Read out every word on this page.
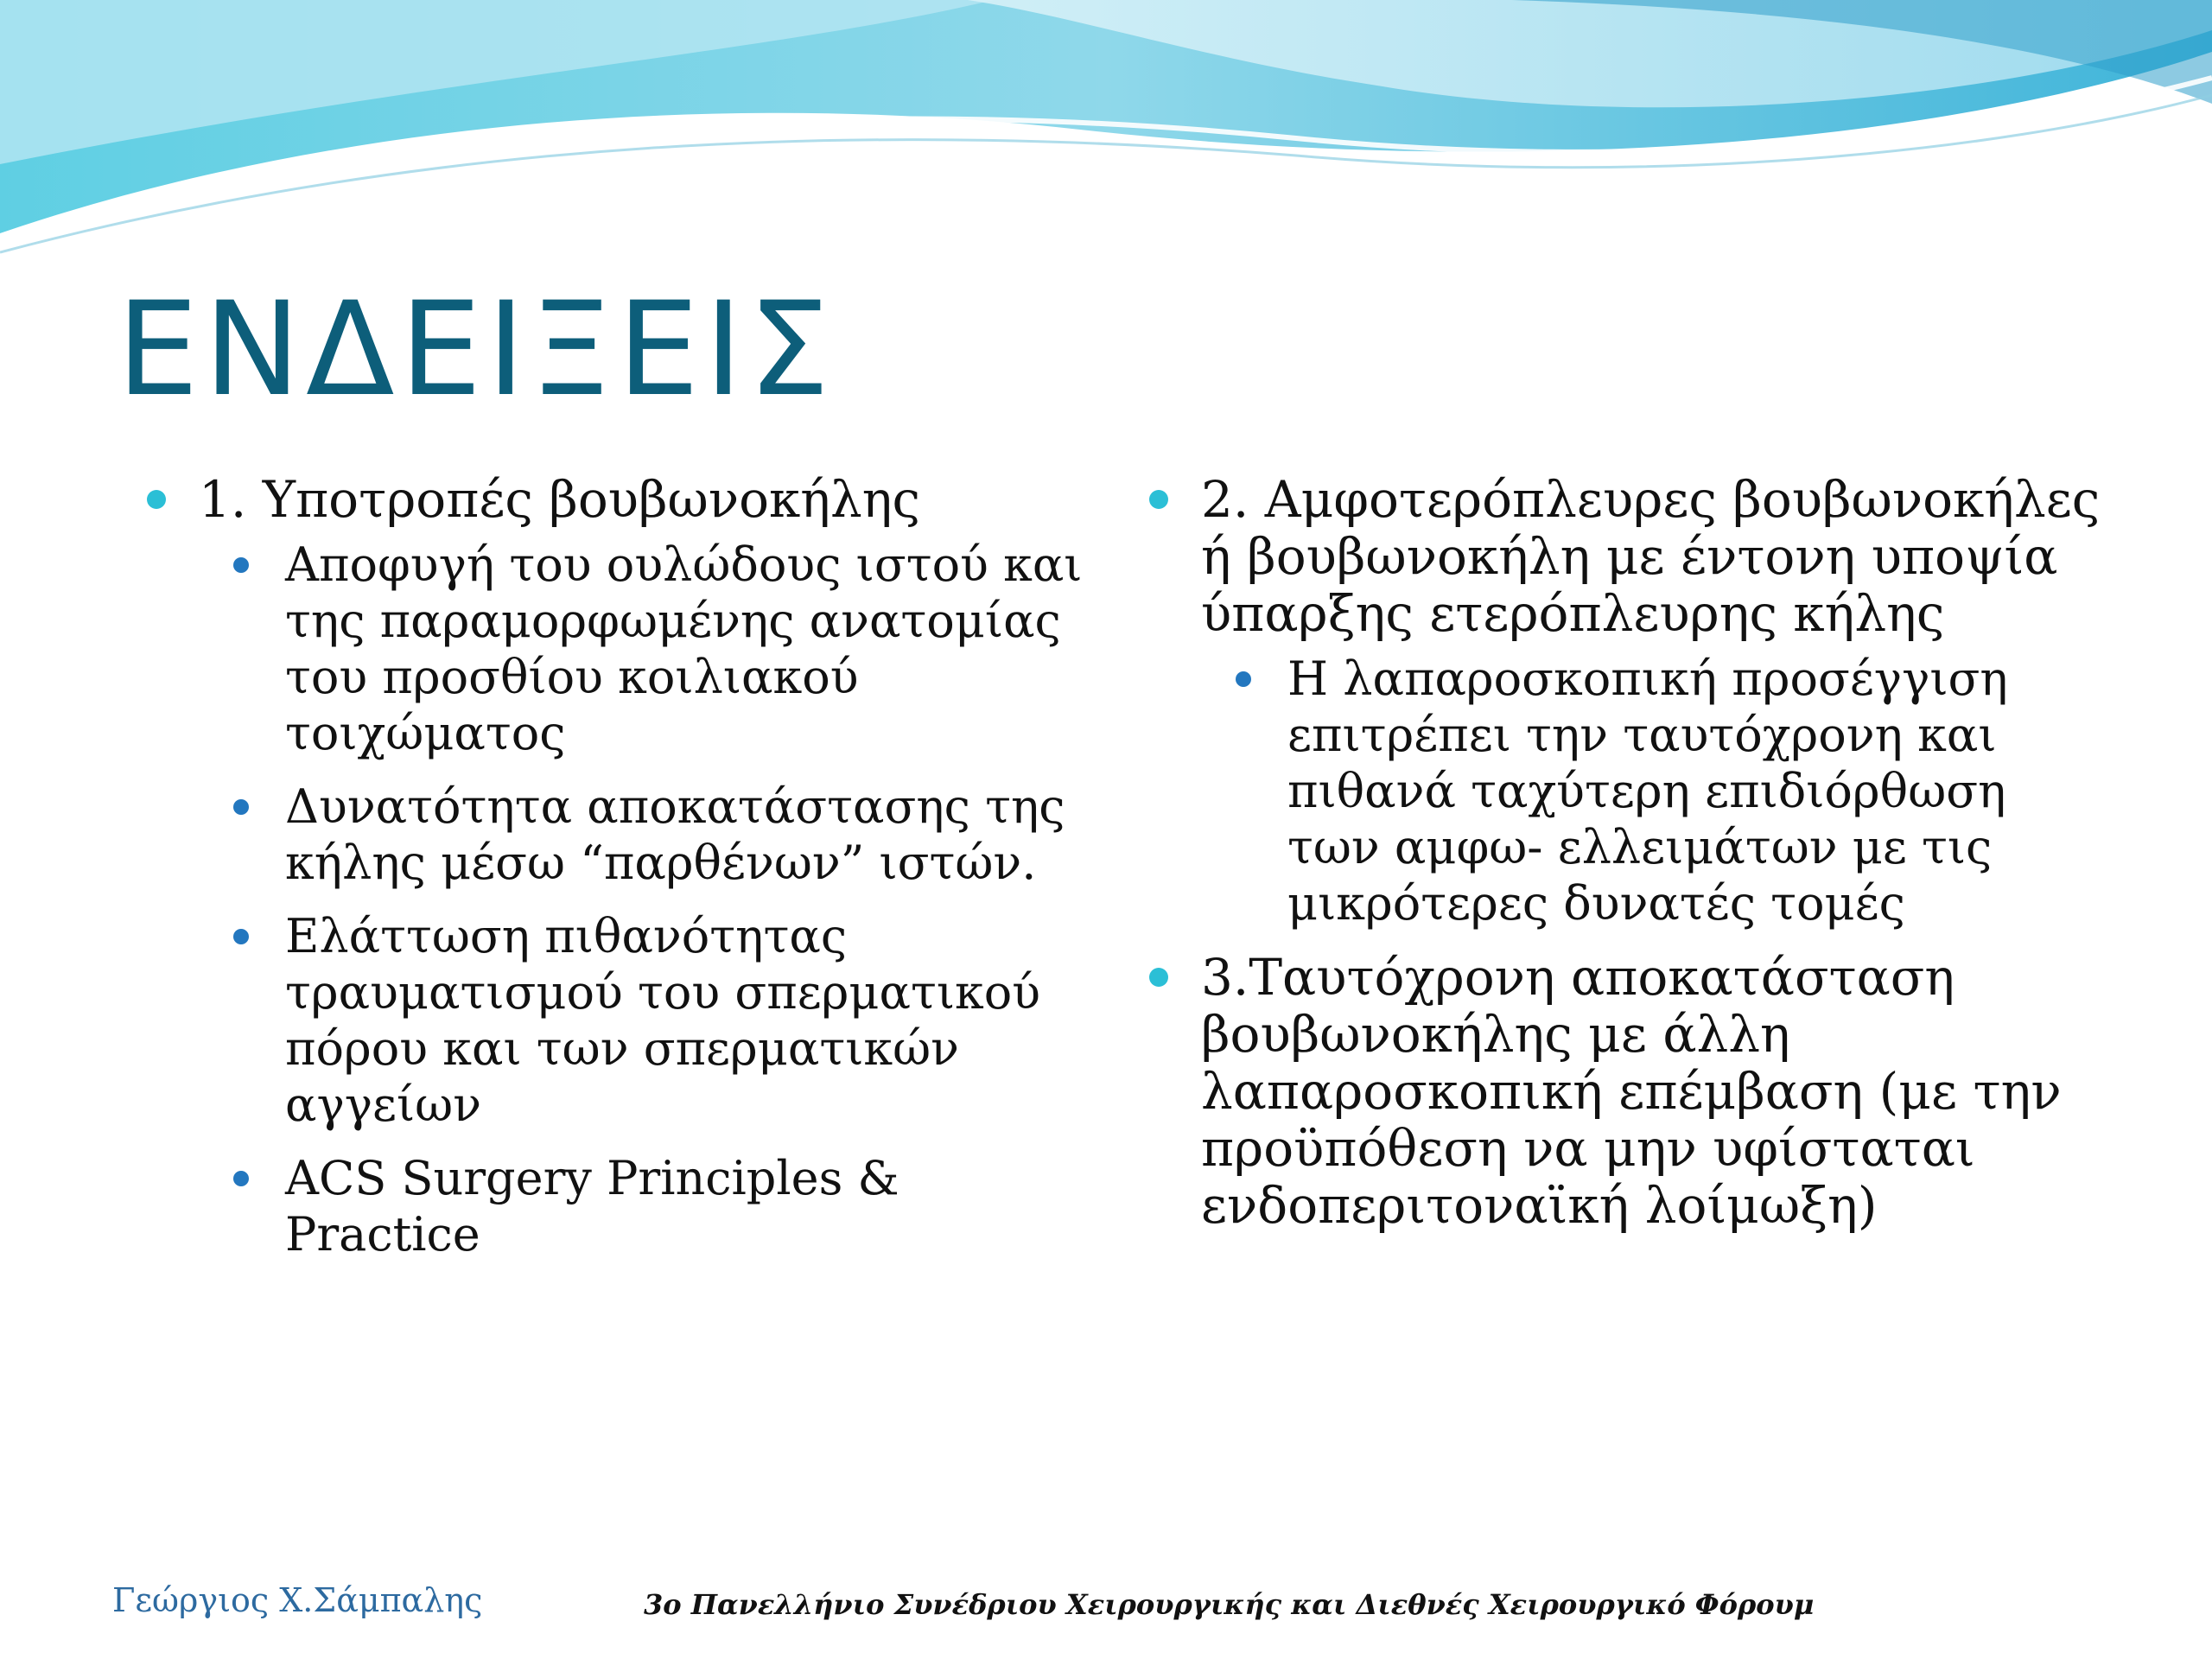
ΕΝΔΕΙΞΕΙΣ
1. Υποτροπές βουβωνοκήλης
Αποφυγή του ουλώδους ιστού και της παραμορφωμένης ανατομίας του προσθίου κοιλιακού τοιχώματος
Δυνατότητα αποκατάστασης της κήλης μέσω “παρθένων” ιστών.
Ελάττωση πιθανότητας τραυματισμού του σπερματικού πόρου και των σπερματικών αγγείων
ACS Surgery Principles & Practice
2. Αμφοτερόπλευρες βουβωνοκήλες ή βουβωνοκήλη με έντονη υποψία ύπαρξης ετερόπλευρης κήλης
Η λαπαροσκοπική προσέγγιση επιτρέπει την ταυτόχρονη και πιθανά ταχύτερη επιδιόρθωση των αμφω- ελλειμάτων με τις μικρότερες δυνατές τομές
3.Ταυτόχρονη αποκατάσταση βουβωνοκήλης με άλλη λαπαροσκοπική επέμβαση (με την προϋπόθεση να μην υφίσταται ενδοπεριτοναϊκή λοίμωξη)
Γεώργιος Χ.Σάμπαλης	3ο Πανελλήνιο Συνέδριου Χειρουργικής και Διεθνές Χειρουργικό Φόρουμ
